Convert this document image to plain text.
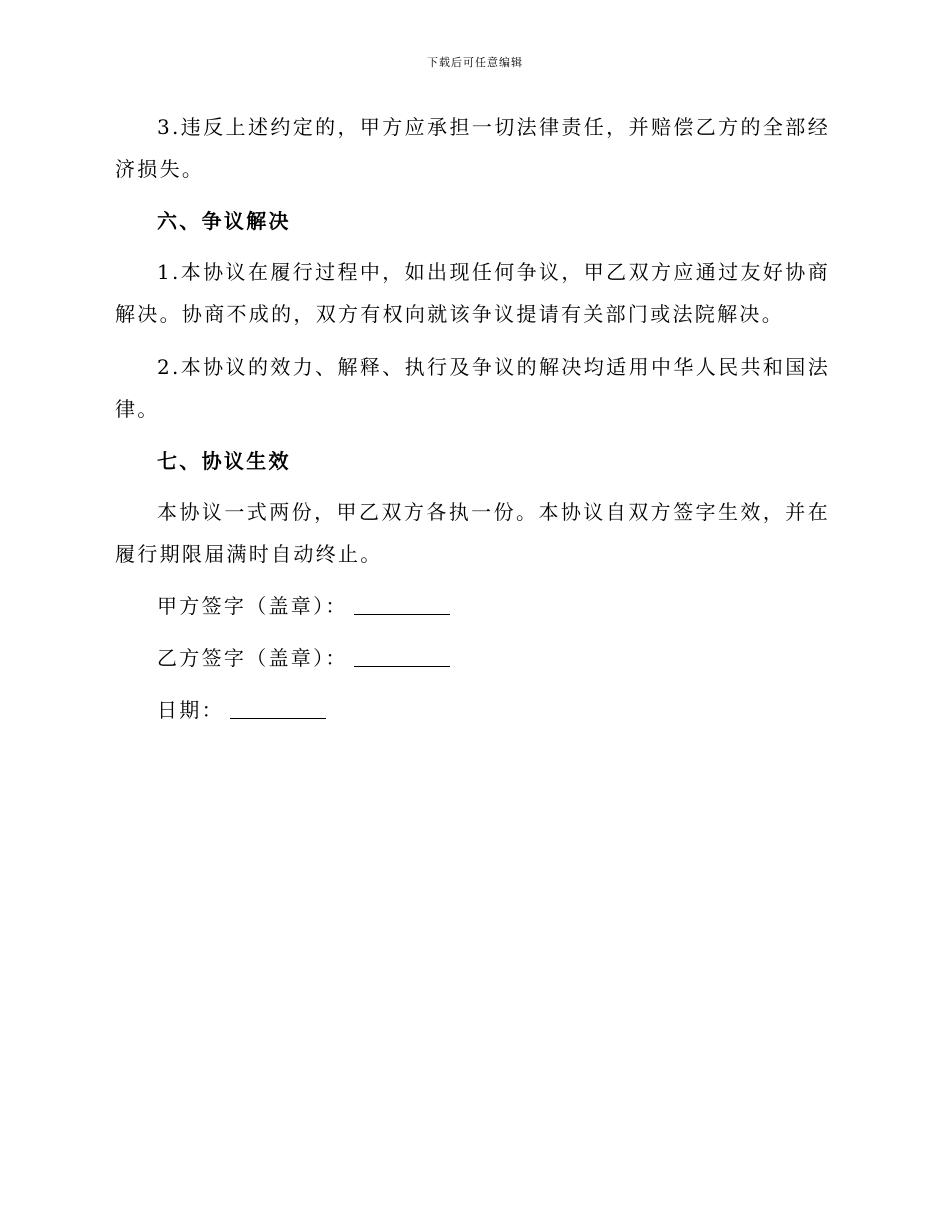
下载后可任意编辑

3.违反上述约定的，甲方应承担一切法律责任，并赔偿乙方的全部经济损失。

六、争议解决

1.本协议在履行过程中，如出现任何争议，甲乙双方应通过友好协商解决。协商不成的，双方有权向就该争议提请有关部门或法院解决。

2.本协议的效力、解释、执行及争议的解决均适用中华人民共和国法律。

七、协议生效

本协议一式两份，甲乙双方各执一份。本协议自双方签字生效，并在履行期限届满时自动终止。

甲方签字（盖章）：
乙方签字（盖章）：
日期：
